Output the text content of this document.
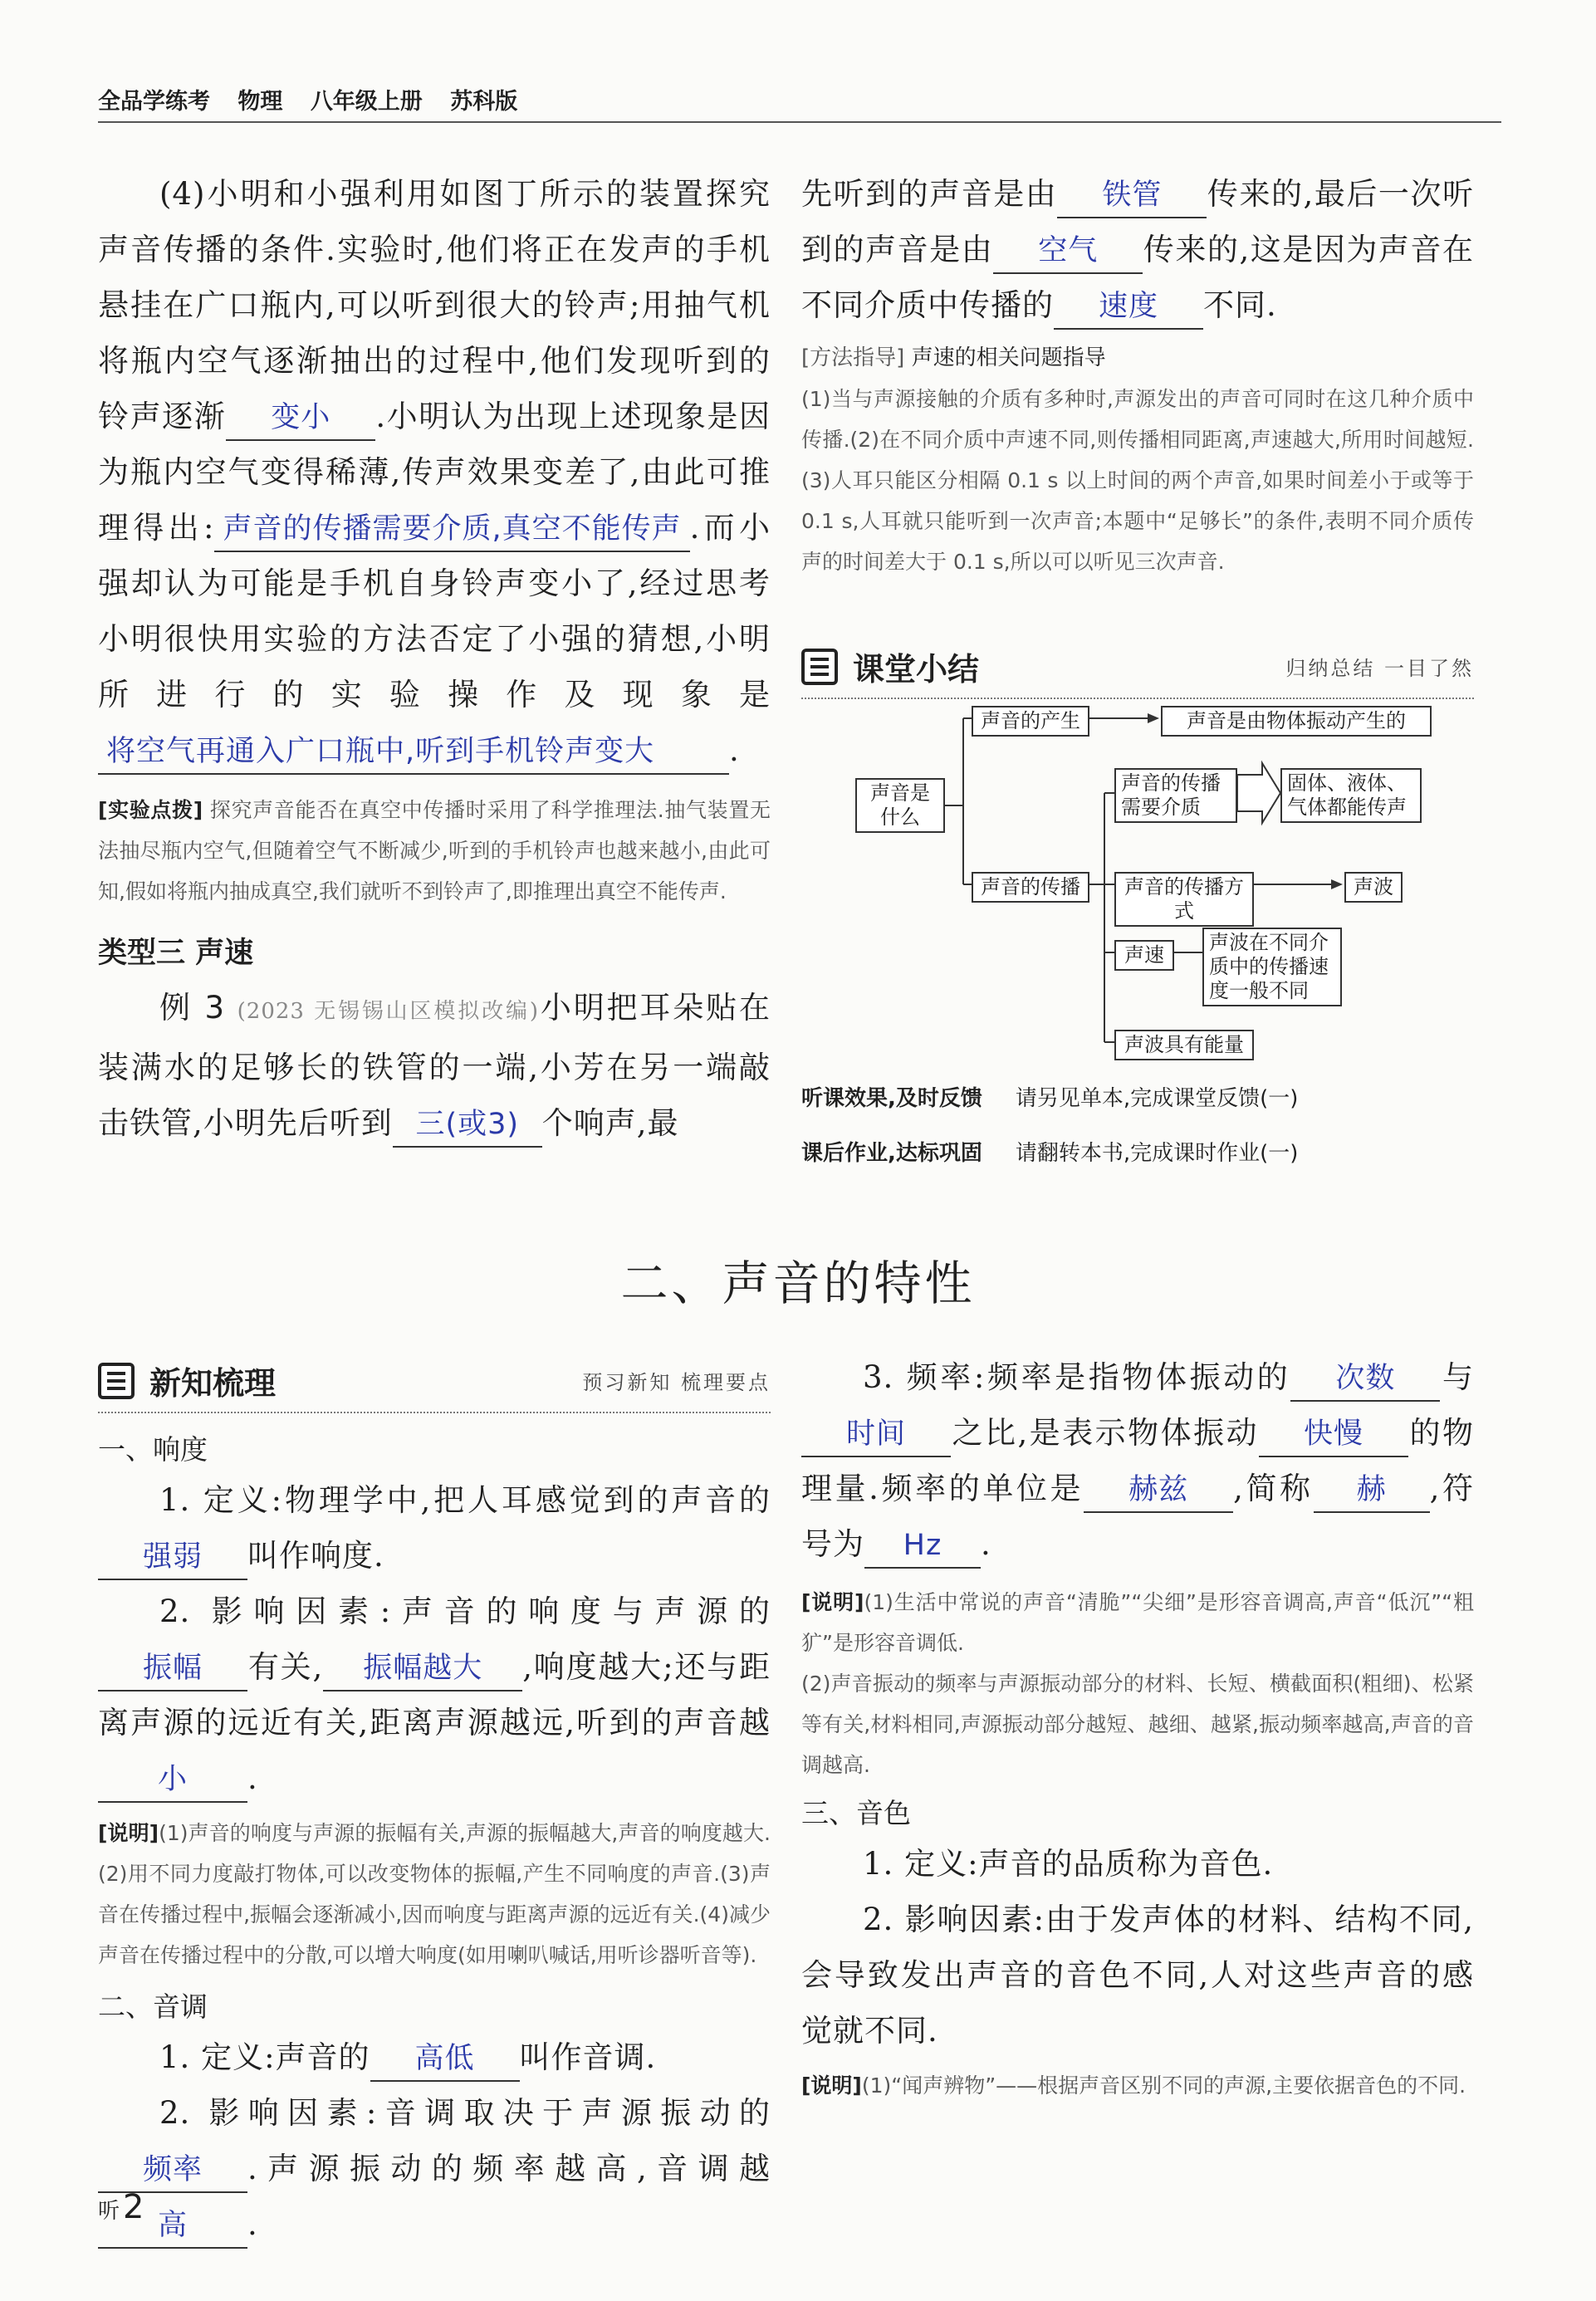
全品学练考 物理 八年级上册 苏科版

(4)小明和小强利用如图丁所示的装置探究声音传播的条件.实验时,他们将正在发声的手机悬挂在广口瓶内,可以听到很大的铃声;用抽气机将瓶内空气逐渐抽出的过程中,他们发现听到的铃声逐渐 变小 .小明认为出现上述现象是因为瓶内空气变得稀薄,传声效果变差了,由此可推理得出: 声音的传播需要介质,真空不能传声 .而小强却认为可能是手机自身铃声变小了,经过思考小明很快用实验的方法否定了小强的猜想,小明所进行的实验操作及现象是将空气再通入广口瓶中,听到手机铃声变大 .

[实验点拨] 探究声音能否在真空中传播时采用了科学推理法.抽气装置无法抽尽瓶内空气,但随着空气不断减少,听到的手机铃声也越来越小,由此可知,假如将瓶内抽成真空,我们就听不到铃声了,即推理出真空不能传声.

类型三 声速

例 3 (2023 无锡锡山区模拟改编)小明把耳朵贴在装满水的足够长的铁管的一端,小芳在另一端敲击铁管,小明先后听到 三(或3) 个响声,最

先听到的声音是由 铁管 传来的,最后一次听到的声音是由 空气 传来的,这是因为声音在不同介质中传播的 速度 不同.

[方法指导] 声速的相关问题指导

(1)当与声源接触的介质有多种时,声源发出的声音可同时在这几种介质中传播.(2)在不同介质中声速不同,则传播相同距离,声速越大,所用时间越短.(3)人耳只能区分相隔 0.1 s 以上时间的两个声音,如果时间差小于或等于 0.1 s,人耳就只能听到一次声音;本题中“足够长”的条件,表明不同介质传声的时间差大于 0.1 s,所以可以听见三次声音.

课堂小结	归纳总结 一目了然
声音是什么
声音的产生	声音是由物体振动产生的
声音的传播需要介质
固体、液体、气体都能传声
声音的传播	声音的传播方式
声波
声速
声波在不同介质中的传播速度一般不同
声波具有能量
听课效果,及时反馈 请另见单本,完成课堂反馈(一)
课后作业,达标巩固 请翻转本书,完成课时作业(一)
二、声音的特性
新知梳理	预习新知 梳理要点
一、响度

1. 定义:物理学中,把人耳感觉到的声音的强弱 叫作响度.

2. 影响因素:声音的响度与声源的振幅 有关, 振幅越大 ,响度越大;还与距离声源的远近有关,距离声源越远,听到的声音越小 .

[说明](1)声音的响度与声源的振幅有关,声源的振幅越大,声音的响度越大.(2)用不同力度敲打物体,可以改变物体的振幅,产生不同响度的声音.(3)声音在传播过程中,振幅会逐渐减小,因而响度与距离声源的远近有关.(4)减少声音在传播过程中的分散,可以增大响度(如用喇叭喊话,用听诊器听音等).

二、音调

1. 定义:声音的 高低 叫作音调.

2. 影响因素:音调取决于声源振动的频率 .声源振动的频率越高,音调越高 .

3. 频率:频率是指物体振动的 次数 与时间 之比,是表示物体振动 快慢 的物理量.频率的单位是 赫兹 ,简称 赫 ,符号为 Hz .

[说明](1)生活中常说的声音“清脆”“尖细”是形容音调高,声音“低沉”“粗犷”是形容音调低.

(2)声音振动的频率与声源振动部分的材料、长短、横截面积(粗细)、松紧等有关,材料相同,声源振动部分越短、越细、越紧,振动频率越高,声音的音调越高.

三、音色

1. 定义:声音的品质称为音色.

2. 影响因素:由于发声体的材料、结构不同,会导致发出声音的音色不同,人对这些声音的感觉就不同.

[说明](1)“闻声辨物”——根据声音区别不同的声源,主要依据音色的不同.

听 2
